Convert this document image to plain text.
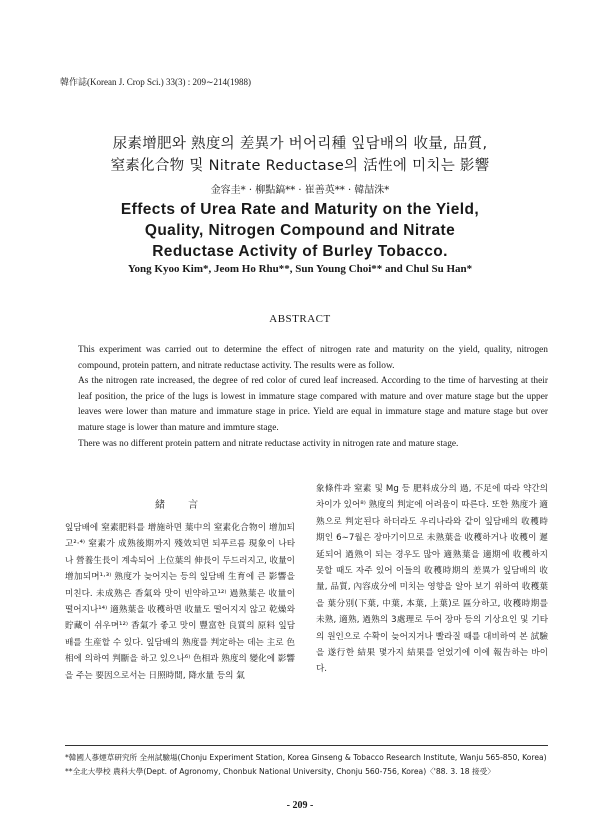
韓作誌(Korean J. Crop Sci.) 33(3) : 209∼214(1988)
尿素增肥와 熟度의 差異가 버어리種 잎담배의 收量, 品質,
窒素化合物 및 Nitrate Reductase의 活性에 미치는 影響
金容圭* · 柳點鎬** · 崔善英** · 韓喆洙*
Effects of Urea Rate and Maturity on the Yield,
Quality, Nitrogen Compound and Nitrate
Reductase Activity of Burley Tobacco.
Yong Kyoo Kim*, Jeom Ho Rhu**, Sun Young Choi** and Chul Su Han*
ABSTRACT

This experiment was carried out to determine the effect of nitrogen rate and maturity on the yield, quality, nitrogen compound, protein pattern, and nitrate reductase activity. The results were as follow.

As the nitrogen rate increased, the degree of red color of cured leaf increased. According to the time of harvesting at their leaf position, the price of the lugs is lowest in immature stage compared with mature and over mature stage but the upper leaves were lower than mature and immature stage in price. Yield are equal in immature stage and mature stage but over mature stage is lower than mature and immture stage.

There was no different protein pattern and nitrate reductase activity in nitrogen rate and mature stage.

緒 言
잎담배에 窒素肥料를 增施하면 葉中의 窒素化合物이 增加되고²·⁴⁾ 窒素가 成熟後期까지 殘效되면 되푸르름 現象이 나타나 營養生長이 계속되어 上位葉의 伸長이 두드러지고, 收量이 增加되며¹·³⁾ 熟度가 늦어지는 등의 잎담배 生育에 큰 影響을 미친다. 未成熟은 香氣와 맛이 빈약하고¹²⁾ 過熟葉은 收量이 떨어지나¹⁴⁾ 適熟葉을 收穫하면 收量도 떨어지지 않고 乾燥와 貯藏이 쉬우며¹²⁾ 香氣가 좋고 맛이 豐富한 良質의 原料 잎담배를 生産할 수 있다. 잎담배의 熟度를 判定하는 데는 主로 色相에 의하여 判斷을 하고 있으나⁶⁾ 色相과 熟度의 變化에 影響을 주는 要因으로서는 日照時間, 降水量 등의 氣
象條件과 窒素 및 Mg 등 肥料成分의 過, 不足에 따라 약간의 차이가 있어⁸⁾ 熟度의 判定에 어려움이 따른다. 또한 熟度가 適熟으로 判定된다 하더라도 우리나라와 같이 잎담배의 收穫時期인 6∼7월은 장마기이므로 未熟葉을 收穫하거나 收穫이 遲延되어 過熟이 되는 경우도 많아 適熟葉을 適期에 收穫하지 못할 때도 자주 있어 이들의 收穫時期의 差異가 잎담배의 收量, 品質, 內容成分에 미치는 영향을 알아 보기 위하여 收穫葉을 葉分別(下葉, 中葉, 本葉, 上葉)로 區分하고, 收穫時期를 未熟, 適熟, 過熟의 3處理로 두어 장마 등의 기상요인 및 기타의 원인으로 수확이 늦어지거나 빨라질 때를 대비하여 본 試驗을 遂行한 結果 몇가지 結果를 얻었기에 이에 報告하는 바이다.
*韓國人蔘煙草硏究所 全州試驗場(Chonju Experiment Station, Korea Ginseng & Tobacco Research Institute, Wanju 565-850, Korea)
**全北大學校 農科大學(Dept. of Agronomy, Chonbuk National University, Chonju 560-756, Korea)〈'88. 3. 18 接受〉
- 209 -
